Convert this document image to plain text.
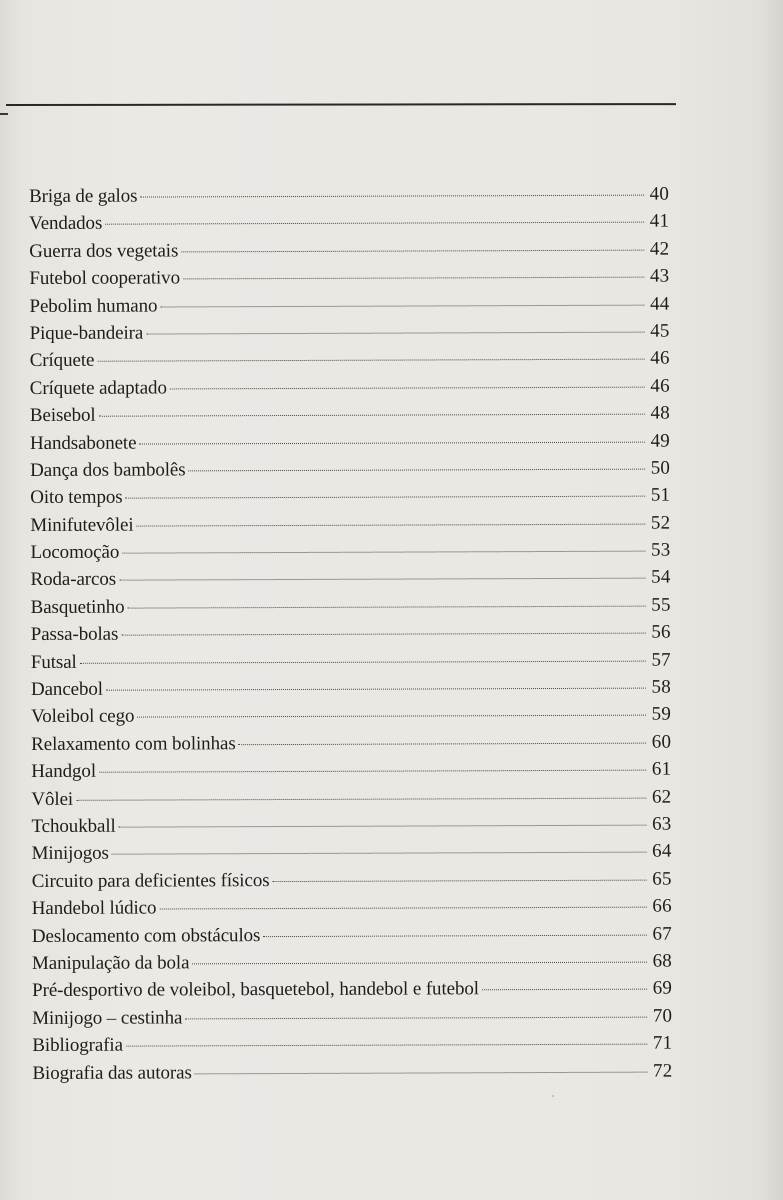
Briga de galos	40
Vendados	41
Guerra dos vegetais	42
Futebol cooperativo	43
Pebolim humano	44
Pique-bandeira	45
Críquete	46
Críquete adaptado	46
Beisebol	48
Handsabonete	49
Dança dos bambolês	50
Oito tempos	51
Minifutevôlei	52
Locomoção	53
Roda-arcos	54
Basquetinho	55
Passa-bolas	56
Futsal	57
Dancebol	58
Voleibol cego	59
Relaxamento com bolinhas	60
Handgol	61
Vôlei	62
Tchoukball	63
Minijogos	64
Circuito para deficientes físicos	65
Handebol lúdico	66
Deslocamento com obstáculos	67
Manipulação da bola	68
Pré-desportivo de voleibol, basquetebol, handebol e futebol	69
Minijogo – cestinha	70
Bibliografia	71
Biografia das autoras	72
